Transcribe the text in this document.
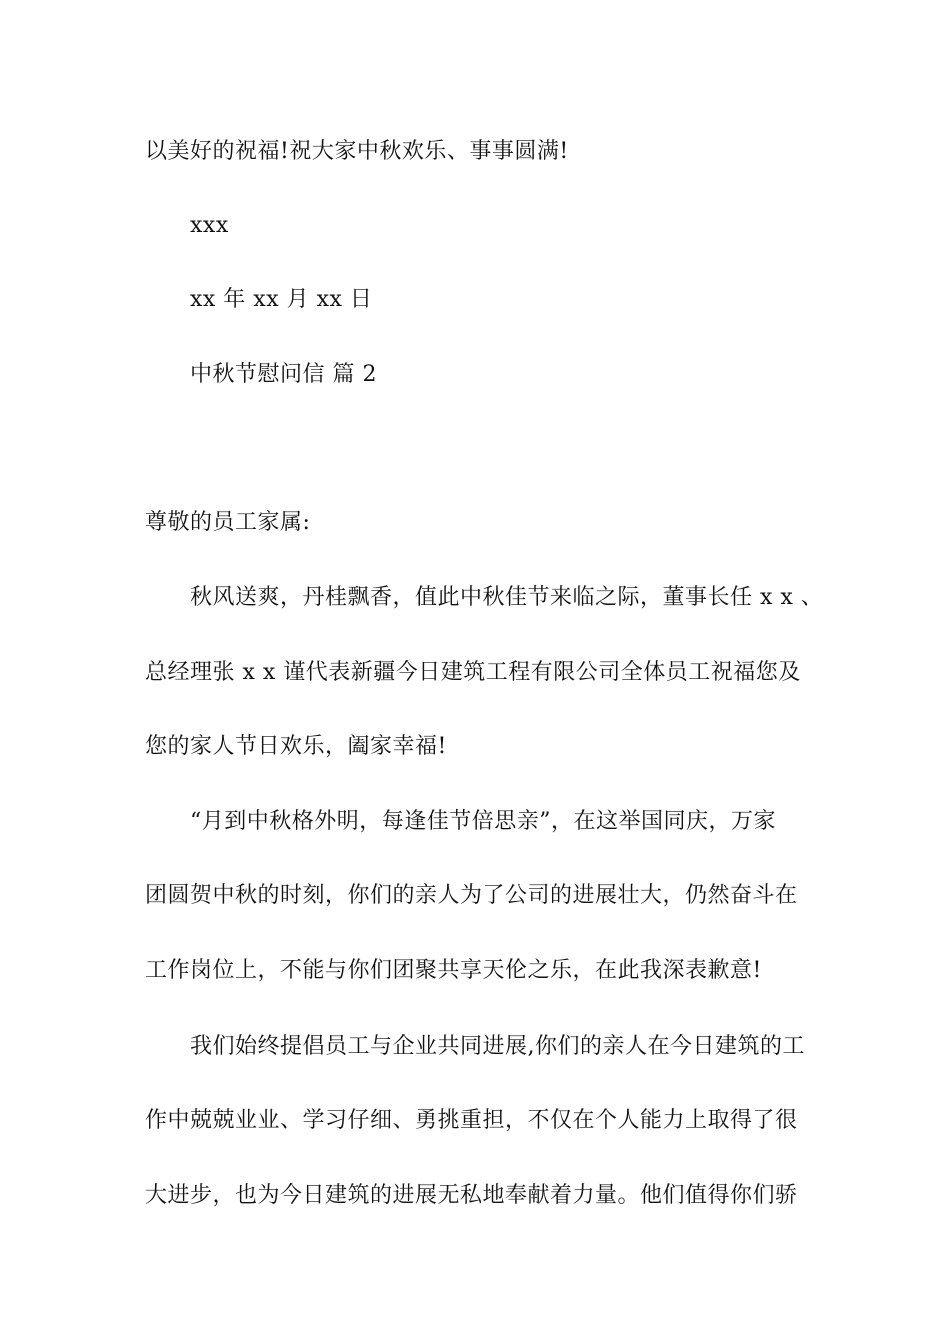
以美好的祝福!祝大家中秋欢乐、事事圆满!
xxx
xx 年 xx 月 xx 日
中秋节慰问信 篇 2
尊敬的员工家属:
秋风送爽，丹桂飘香，值此中秋佳节来临之际，董事长任 x x 、
总经理张 x x 谨代表新疆今日建筑工程有限公司全体员工祝福您及
您的家人节日欢乐，阖家幸福!
“月到中秋格外明，每逢佳节倍思亲”，在这举国同庆，万家
团圆贺中秋的时刻，你们的亲人为了公司的进展壮大，仍然奋斗在
工作岗位上，不能与你们团聚共享天伦之乐，在此我深表歉意!
我们始终提倡员工与企业共同进展,你们的亲人在今日建筑的工
作中兢兢业业、学习仔细、勇挑重担，不仅在个人能力上取得了很
大进步，也为今日建筑的进展无私地奉献着力量。他们值得你们骄
